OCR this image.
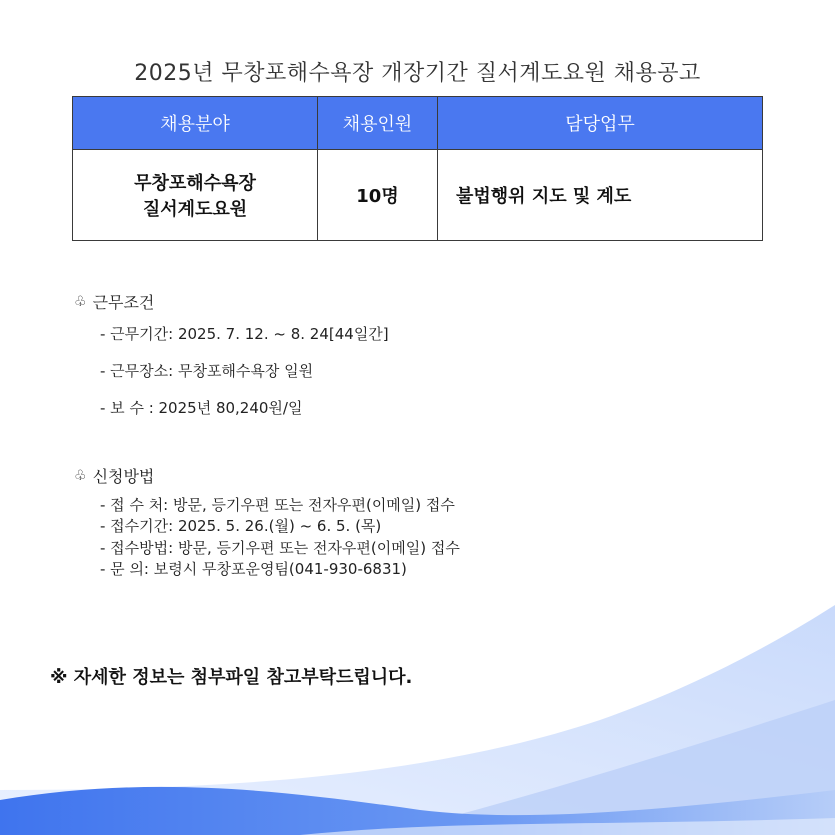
2025년 무창포해수욕장 개장기간 질서계도요원 채용공고
채용분야	채용인원	담당업무

무창포해수욕장
질서계도요원	10명	불법행위 지도 및 계도
♧ 근무조건
- 근무기간: 2025. 7. 12. ~ 8. 24[44일간]
- 근무장소: 무창포해수욕장 일원
- 보 수 : 2025년 80,240원/일
♧ 신청방법
- 접 수 처: 방문, 등기우편 또는 전자우편(이메일) 접수
- 접수기간: 2025. 5. 26.(월) ~ 6. 5. (목)
- 접수방법: 방문, 등기우편 또는 전자우편(이메일) 접수
- 문 의: 보령시 무창포운영팀(041-930-6831)
※ 자세한 정보는 첨부파일 참고부탁드립니다.
